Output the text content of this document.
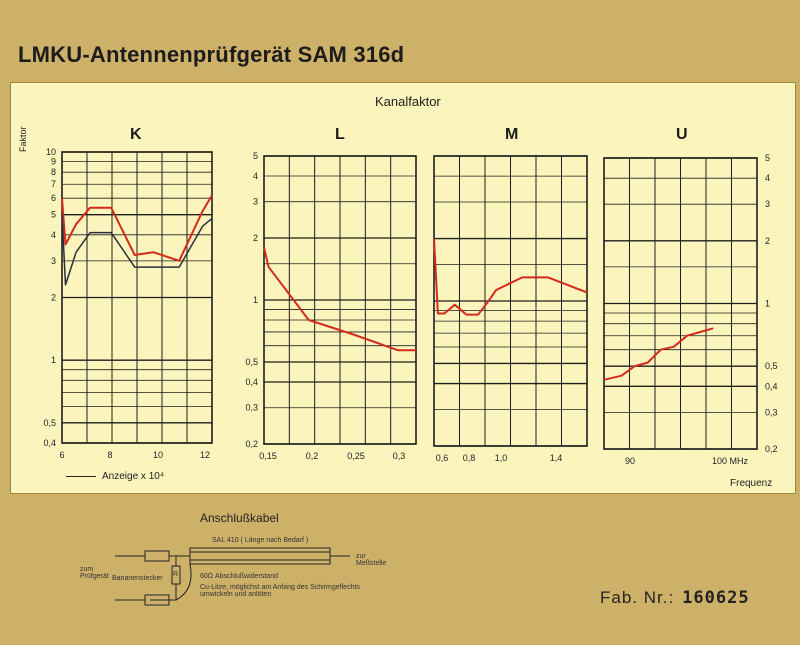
LMKU-Antennenprüfgerät SAM 316d
Kanalfaktor
Faktor	K	L	M	U
10
9
8
7
6
5
4
3
2
1
0,5
0,4
6	8	10	12
5
4
3
2
1
0,5
0,4
0,3
0,2
0,15	0,2	0,25	0,3	0,6 0,8 1,0	1,4
5
4
3
2
1
0,5
0,4
0,3
0,2
90	100 MHz
Anzeige x 10⁴
Frequenz
Anschlußkabel
SAL 410 ( Länge nach Bedarf )
zum Prüfgerät Bananenstecker
R	60Ω Abschlußwiderstand
Cu-Litze, möglichst am Anfang des Schirmgeflechts umwickeln und anlöten
zur Meßstelle
Fab. Nr.: 160625
